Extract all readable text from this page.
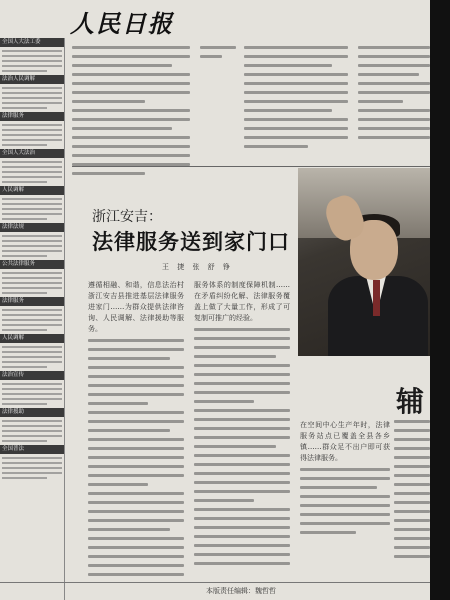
人民日报
全国人大法工委
法治人民调解
法律服务
全国人大法治
人民调解
法律法规
公共法律服务
法律服务
人民调解
法治宣传
法律援助
全国普法
浙江安吉：
法律服务送到家门口
王 捷 张 舒 铮
遵循相融、和谐，信息法治村 浙江安吉县推进基层法律服务进家门……为群众提供法律咨询、人民调解、法律援助等服务。
服务体系的制度保障机制……在矛盾纠纷化解、法律服务覆盖上做了大量工作，形成了可复制可推广的经验。
辅
在空间中心生产年时，法律服务站点已覆盖全县各乡镇……群众足不出户即可获得法律服务。
本版责任编辑：魏哲哲
